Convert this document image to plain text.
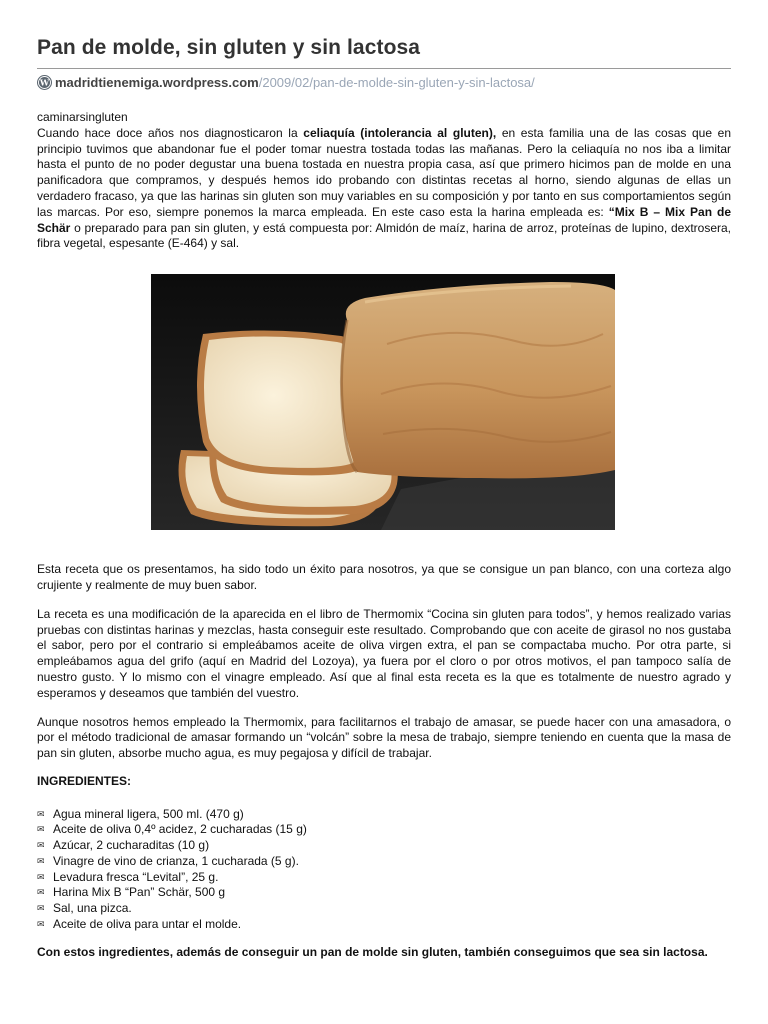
Pan de molde, sin gluten y sin lactosa
W madridtienemiga.wordpress.com /2009/02/pan-de-molde-sin-gluten-y-sin-lactosa/

caminarsingluten

Cuando hace doce años nos diagnosticaron la celiaquía (intolerancia al gluten), en esta familia una de las cosas que en principio tuvimos que abandonar fue el poder tomar nuestra tostada todas las mañanas. Pero la celiaquía no nos iba a limitar hasta el punto de no poder degustar una buena tostada en nuestra propia casa, así que primero hicimos pan de molde en una panificadora que compramos, y después hemos ido probando con distintas recetas al horno, siendo algunas de ellas un verdadero fracaso, ya que las harinas sin gluten son muy variables en su composición y por tanto en sus comportamientos según las marcas. Por eso, siempre ponemos la marca empleada. En este caso esta la harina empleada es: “Mix B – Mix Pan de Schär o preparado para pan sin gluten, y está compuesta por: Almidón de maíz, harina de arroz, proteínas de lupino, dextrosera, fibra vegetal, espesante (E-464) y sal.

Esta receta que os presentamos, ha sido todo un éxito para nosotros, ya que se consigue un pan blanco, con una corteza algo crujiente y realmente de muy buen sabor.

La receta es una modificación de la aparecida en el libro de Thermomix “Cocina sin gluten para todos”, y hemos realizado varias pruebas con distintas harinas y mezclas, hasta conseguir este resultado. Comprobando que con aceite de girasol no nos gustaba el sabor, pero por el contrario si empleábamos aceite de oliva virgen extra, el pan se compactaba mucho. Por otra parte, si empleábamos agua del grifo (aquí en Madrid del Lozoya), ya fuera por el cloro o por otros motivos, el pan tampoco salía de nuestro gusto. Y lo mismo con el vinagre empleado. Así que al final esta receta es la que es totalmente de nuestro agrado y esperamos y deseamos que también del vuestro.

Aunque nosotros hemos empleado la Thermomix, para facilitarnos el trabajo de amasar, se puede hacer con una amasadora, o por el método tradicional de amasar formando un “volcán” sobre la mesa de trabajo, siempre teniendo en cuenta que la masa de pan sin gluten, absorbe mucho agua, es muy pegajosa y difícil de trabajar.

INGREDIENTES:

✉ Agua mineral ligera, 500 ml. (470 g)
✉ Aceite de oliva 0,4º acidez, 2 cucharadas (15 g)
✉ Azúcar, 2 cucharaditas (10 g)
✉ Vinagre de vino de crianza, 1 cucharada (5 g).
✉ Levadura fresca “Levital”, 25 g.
✉ Harina Mix B “Pan” Schär, 500 g
✉ Sal, una pizca.
✉ Aceite de oliva para untar el molde.

Con estos ingredientes, además de conseguir un pan de molde sin gluten, también conseguimos que sea sin lactosa.
